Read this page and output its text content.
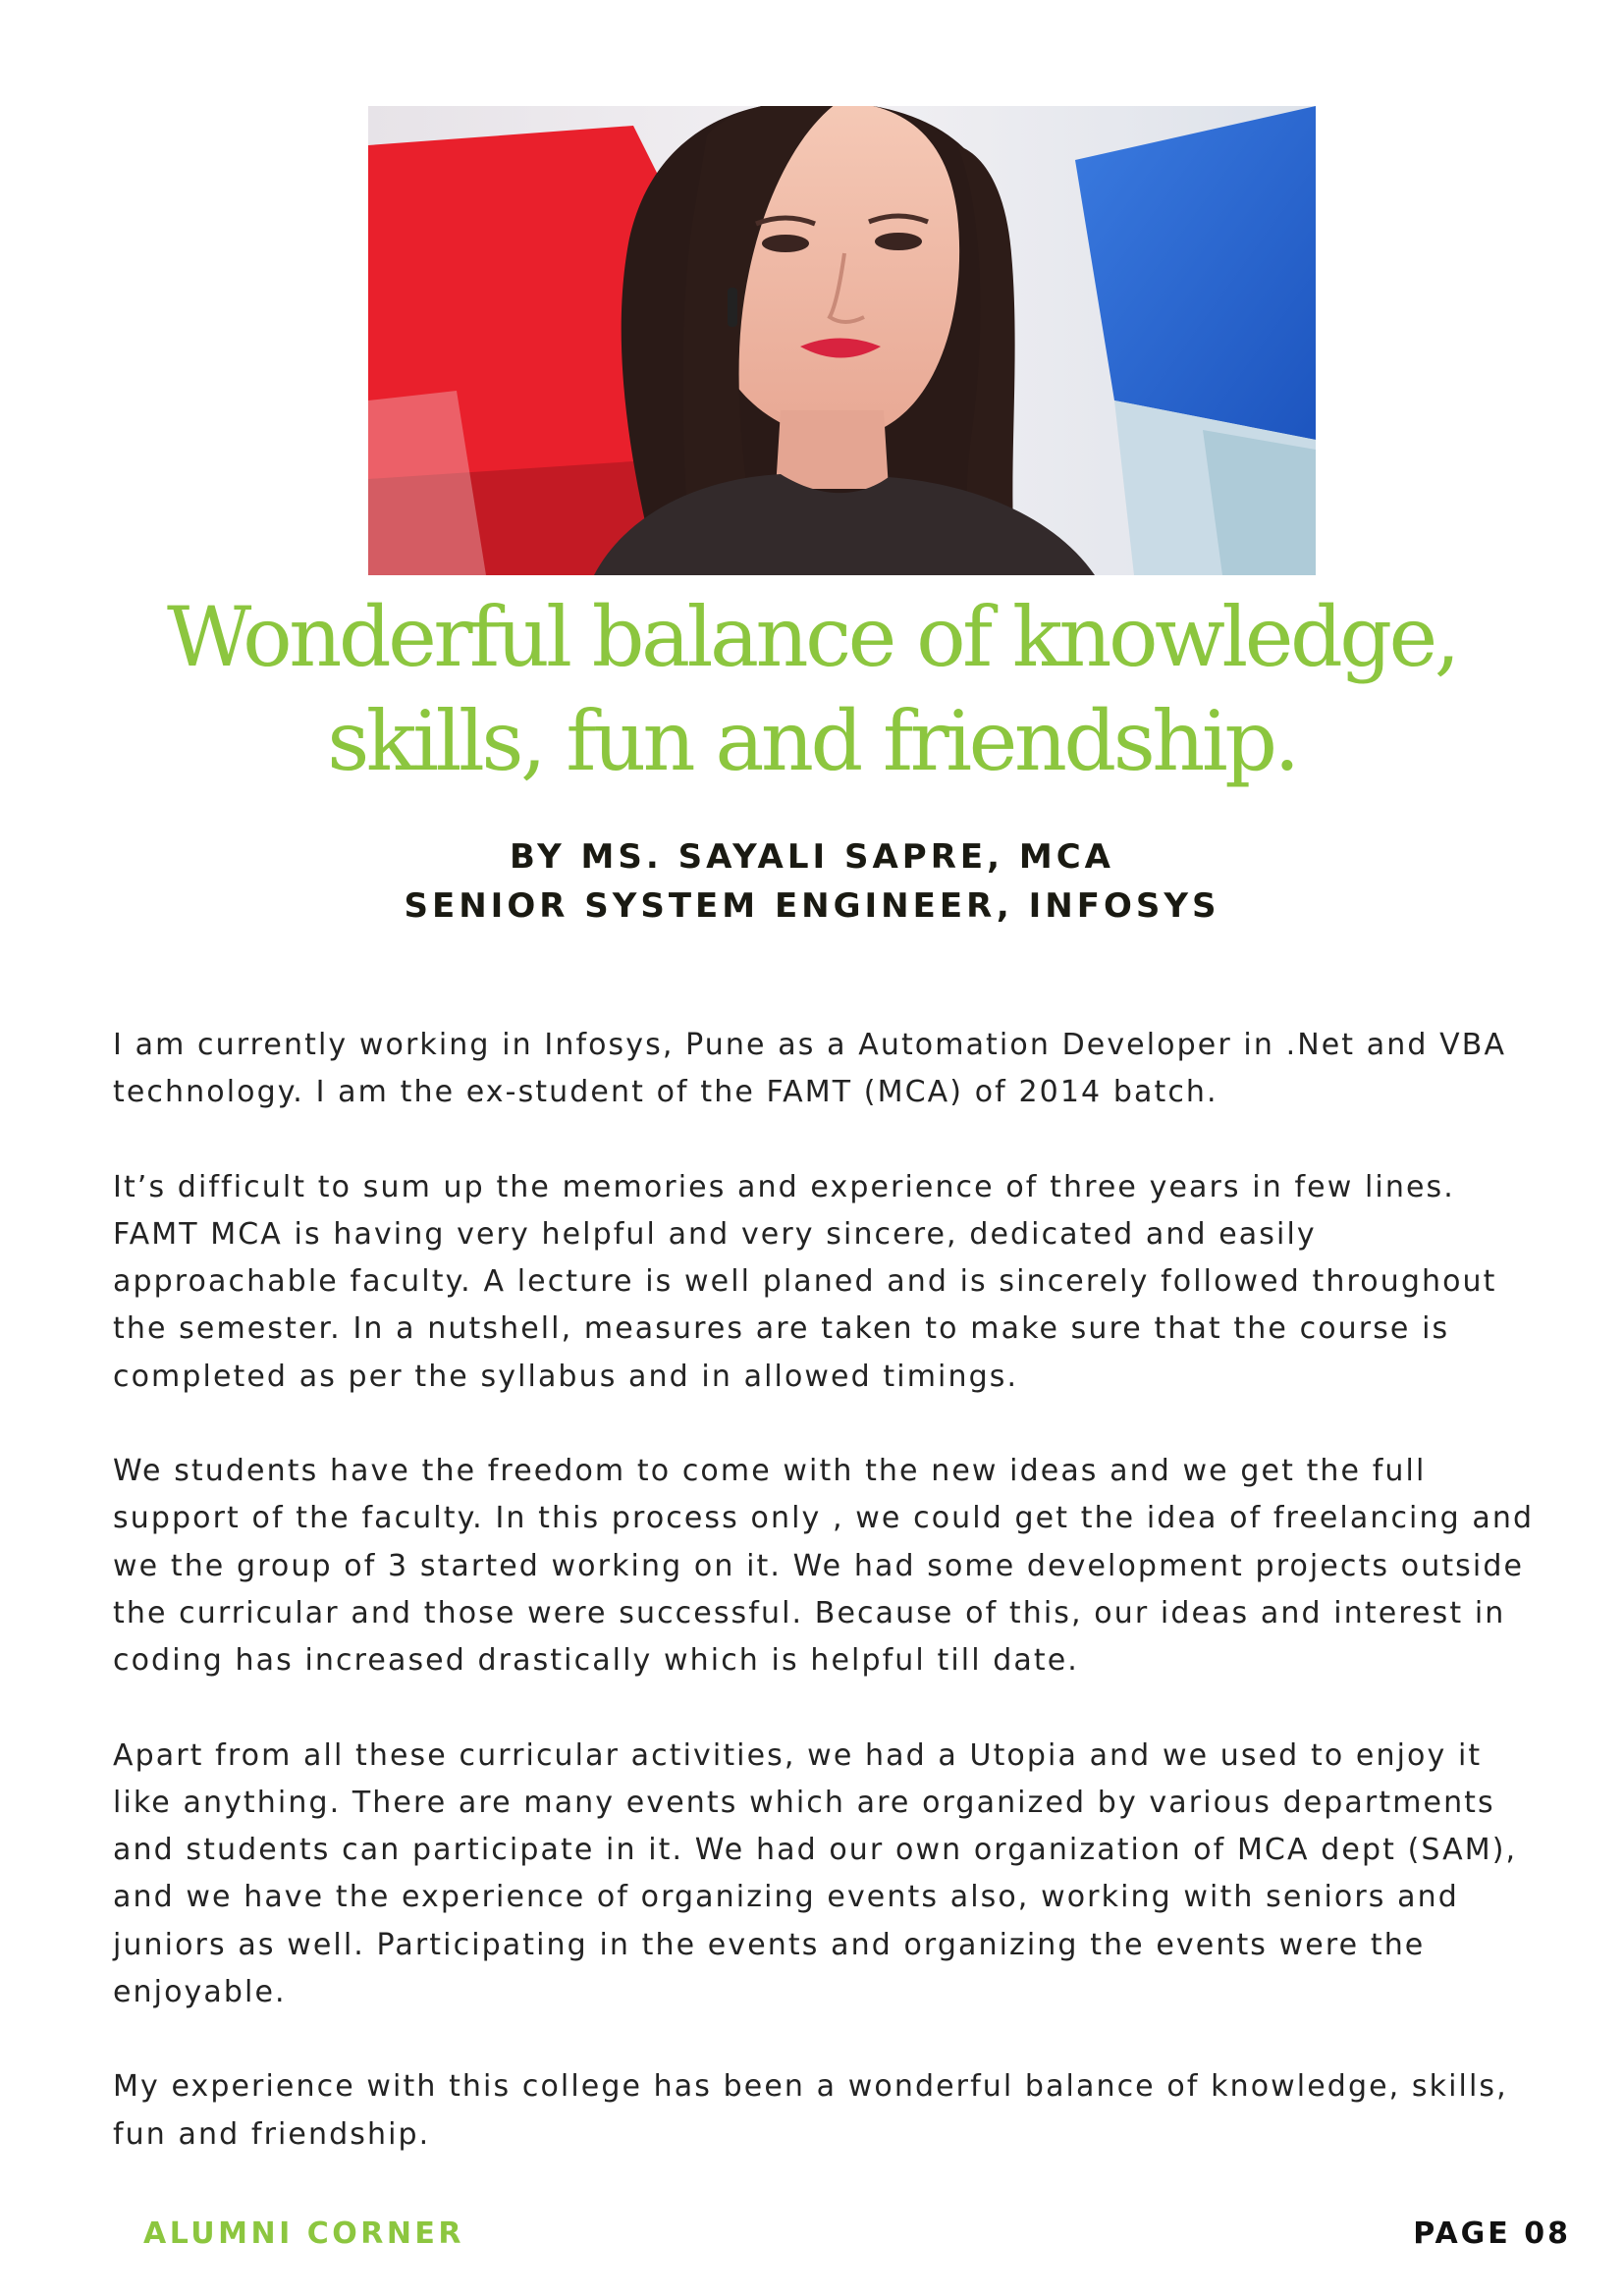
Wonderful balance of knowledge,
skills, fun and friendship.
BY MS. SAYALI SAPRE, MCA
SENIOR SYSTEM ENGINEER, INFOSYS

I am currently working in Infosys, Pune as a Automation Developer in .Net and VBA
technology. I am the ex-student of the FAMT (MCA) of 2014 batch.

It’s difficult to sum up the memories and experience of three years in few lines.
FAMT MCA is having very helpful and very sincere, dedicated and easily
approachable faculty. A lecture is well planed and is sincerely followed throughout
the semester. In a nutshell, measures are taken to make sure that the course is
completed as per the syllabus and in allowed timings.

We students have the freedom to come with the new ideas and we get the full
support of the faculty. In this process only , we could get the idea of freelancing and
we the group of 3 started working on it. We had some development projects outside
the curricular and those were successful. Because of this, our ideas and interest in
coding has increased drastically which is helpful till date.

Apart from all these curricular activities, we had a Utopia and we used to enjoy it
like anything. There are many events which are organized by various departments
and students can participate in it. We had our own organization of MCA dept (SAM),
and we have the experience of organizing events also, working with seniors and
juniors as well. Participating in the events and organizing the events were the
enjoyable.

My experience with this college has been a wonderful balance of knowledge, skills,
fun and friendship.

ALUMNI CORNER	PAGE 08
